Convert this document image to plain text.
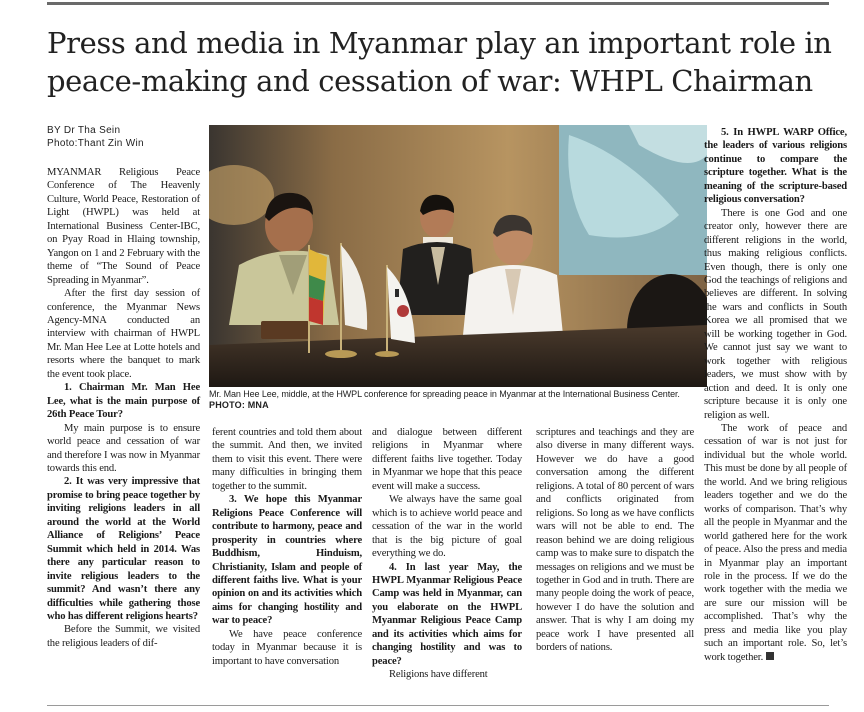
Press and media in Myanmar play an important role in peace-making and cessation of war: WHPL Chairman
BY Dr Tha Sein
Photo:Thant Zin Win
Mr. Man Hee Lee, middle, at the HWPL conference for spreading peace in Myanmar at the International Business Center. PHOTO: MNA

MYANMAR Religious Peace Conference of The Heavenly Culture, World Peace, Restoration of Light (HWPL) was held at International Business Center-IBC, on Pyay Road in Hlaing township, Yangon on 1 and 2 February with the theme of “The Sound of Peace Spreading in Myanmar”.

After the first day session of conference, the Myanmar News Agency-MNA conducted an interview with chairman of HWPL Mr. Man Hee Lee at Lotte hotels and resorts where the banquet to mark the event took place.

1. Chairman Mr. Man Hee Lee, what is the main purpose of 26th Peace Tour?

My main purpose is to ensure world peace and cessation of war and therefore I was now in Myanmar towards this end.

2. It was very impressive that promise to bring peace together by inviting religions leaders in all around the world at the World Alliance of Religions’ Peace Summit which held in 2014. Was there any particular reason to invite religious leaders to the summit? And wasn’t there any difficulties while gathering those who has different religions hearts?

Before the Summit, we visited the religious leaders of dif-

ferent countries and told them about the summit. And then, we invited them to visit this event. There were many difficulties in bringing them together to the summit.

3. We hope this Myanmar Religions Peace Conference will contribute to harmony, peace and prosperity in countries where Buddhism, Hinduism, Christianity, Islam and people of different faiths live. What is your opinion on and its activities which aims for changing hostility and war to peace?

We have peace conference today in Myanmar because it is important to have conversation

and dialogue between different religions in Myanmar where different faiths live together. Today in Myanmar we hope that this peace event will make a success.

We always have the same goal which is to achieve world peace and cessation of the war in the world that is the big picture of goal everything we do.

4. In last year May, the HWPL Myanmar Religious Peace Camp was held in Myanmar, can you elaborate on the HWPL Myanmar Religious Peace Camp and its activities which aims for changing hostility and was to peace?

Religions have different

scriptures and teachings and they are also diverse in many different ways. However we do have a good conversation among the different religions. A total of 80 percent of wars and conflicts originated from religions. So long as we have conflicts wars will not be able to end. The reason behind we are doing religious camp was to make sure to dispatch the messages on religions and we must be together in God and in truth. There are many people doing the work of peace, however I do have the solution and answer. That is why I am doing my peace work I have presented all borders of nations.

5. In HWPL WARP Office, the leaders of various religions continue to compare the scripture together. What is the meaning of the scripture-based religious conversation?

There is one God and one creator only, however there are different religions in the world, thus making religious conflicts. Even though, there is only one God the teachings of religions and believes are different. In solving the wars and conflicts in South Korea we all promised that we will be working together in God. We cannot just say we want to work together with religious leaders, we must show with by action and deed. It is only one scripture because it is only one religion as well.

The work of peace and cessation of war is not just for individual but the whole world. This must be done by all people of the world. And we bring religious leaders together and we do the works of comparison. That’s why all the people in Myanmar and the world gathered here for the work of peace. Also the press and media in Myanmar play an important role in the process. If we do the work together with the media we are sure our mission will be accomplished. That’s why the press and media like you play such an important role. So, let’s work together.
